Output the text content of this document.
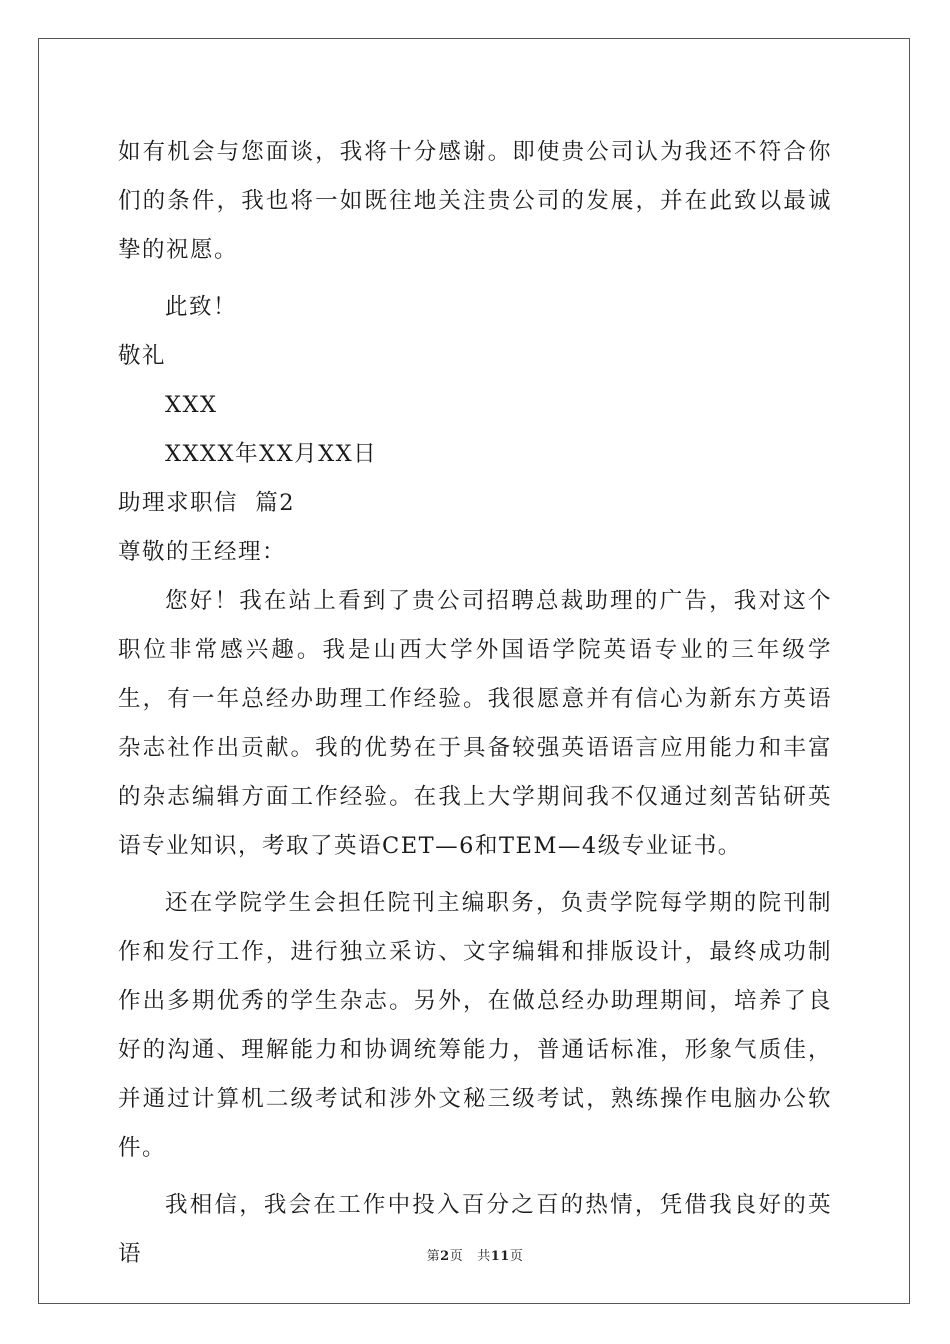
如有机会与您面谈，我将十分感谢。即使贵公司认为我还不符合你们的条件，我也将一如既往地关注贵公司的发展，并在此致以最诚挚的祝愿。

此致！

敬礼

XXX

XXXX年XX月XX日

助理求职信  篇2

尊敬的王经理：

您好！我在站上看到了贵公司招聘总裁助理的广告，我对这个职位非常感兴趣。我是山西大学外国语学院英语专业的三年级学生，有一年总经办助理工作经验。我很愿意并有信心为新东方英语杂志社作出贡献。我的优势在于具备较强英语语言应用能力和丰富的杂志编辑方面工作经验。在我上大学期间我不仅通过刻苦钻研英语专业知识，考取了英语CET—6和TEM—4级专业证书。

还在学院学生会担任院刊主编职务，负责学院每学期的院刊制作和发行工作，进行独立采访、文字编辑和排版设计，最终成功制作出多期优秀的学生杂志。另外，在做总经办助理期间，培养了良好的沟通、理解能力和协调统筹能力，普通话标准，形象气质佳，并通过计算机二级考试和涉外文秘三级考试，熟练操作电脑办公软件。

我相信，我会在工作中投入百分之百的热情，凭借我良好的英语	第2页 共11页
